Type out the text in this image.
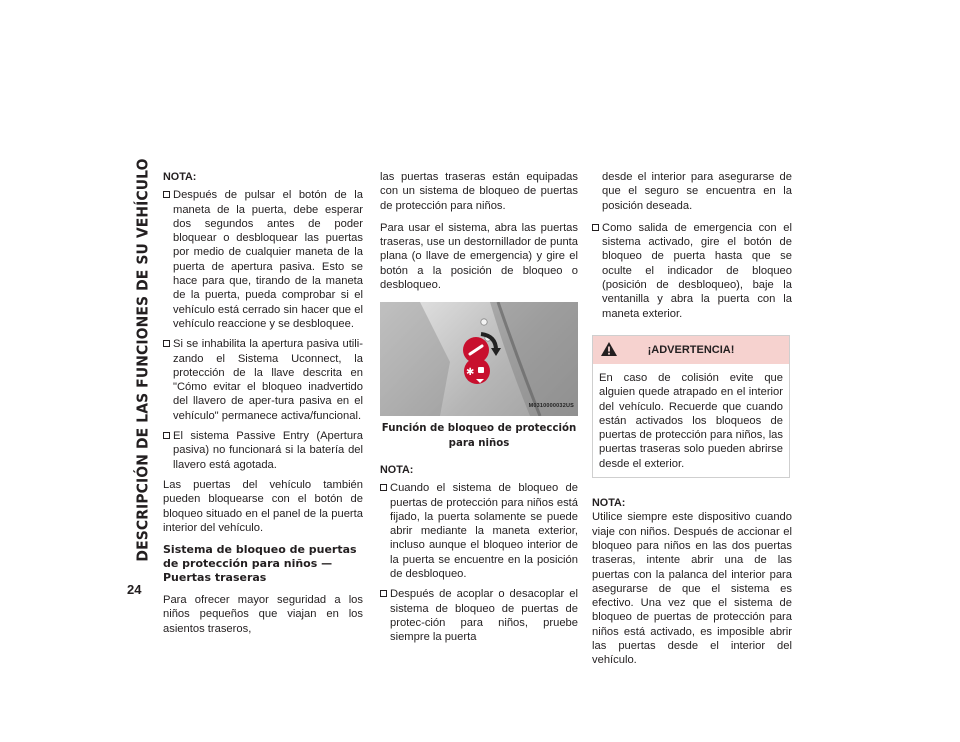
DESCRIPCIÓN DE LAS FUNCIONES DE SU VEHÍCULO
24
NOTA:
Después de pulsar el botón de la maneta de la puerta, debe esperar dos segundos antes de poder bloquear o desbloquear las puertas por medio de cualquier maneta de la puerta de apertura pasiva. Esto se hace para que, tirando de la maneta de la puerta, pueda comprobar si el vehículo está cerrado sin hacer que el vehículo reaccione y se desbloquee.
Si se inhabilita la apertura pasiva utili-zando el Sistema Uconnect, la protección de la llave descrita en "Cómo evitar el bloqueo inadvertido del llavero de aper-tura pasiva en el vehículo" permanece activa/funcional.
El sistema Passive Entry (Apertura pasiva) no funcionará si la batería del llavero está agotada.

Las puertas del vehículo también pueden bloquearse con el botón de bloqueo situado en el panel de la puerta interior del vehículo.

Sistema de bloqueo de puertas de protección para niños — Puertas traseras

Para ofrecer mayor seguridad a los niños pequeños que viajan en los asientos traseros,

las puertas traseras están equipadas con un sistema de bloqueo de puertas de protección para niños.

Para usar el sistema, abra las puertas traseras, use un destornillador de punta plana (o llave de emergencia) y gire el botón a la posición de bloqueo o desbloqueo.

✱
M0310000032US
Función de bloqueo de protección para niños
NOTA:
Cuando el sistema de bloqueo de puertas de protección para niños está fijado, la puerta solamente se puede abrir mediante la maneta exterior, incluso aunque el bloqueo interior de la puerta se encuentre en la posición de desbloqueo.
Después de acoplar o desacoplar el sistema de bloqueo de puertas de protec-ción para niños, pruebe siempre la puerta

desde el interior para asegurarse de que el seguro se encuentra en la posición deseada.

Como salida de emergencia con el sistema activado, gire el botón de bloqueo de puerta hasta que se oculte el indicador de bloqueo (posición de desbloqueo), baje la ventanilla y abra la puerta con la maneta exterior.
¡ADVERTENCIA!
En caso de colisión evite que alguien quede atrapado en el interior del vehículo. Recuerde que cuando están activados los bloqueos de puertas de protección para niños, las puertas traseras solo pueden abrirse desde el exterior.
NOTA:

Utilice siempre este dispositivo cuando viaje con niños. Después de accionar el bloqueo para niños en las dos puertas traseras, intente abrir una de las puertas con la palanca del interior para asegurarse de que el sistema es efectivo. Una vez que el sistema de bloqueo de puertas de protección para niños está activado, es imposible abrir las puertas desde el interior del vehículo.
